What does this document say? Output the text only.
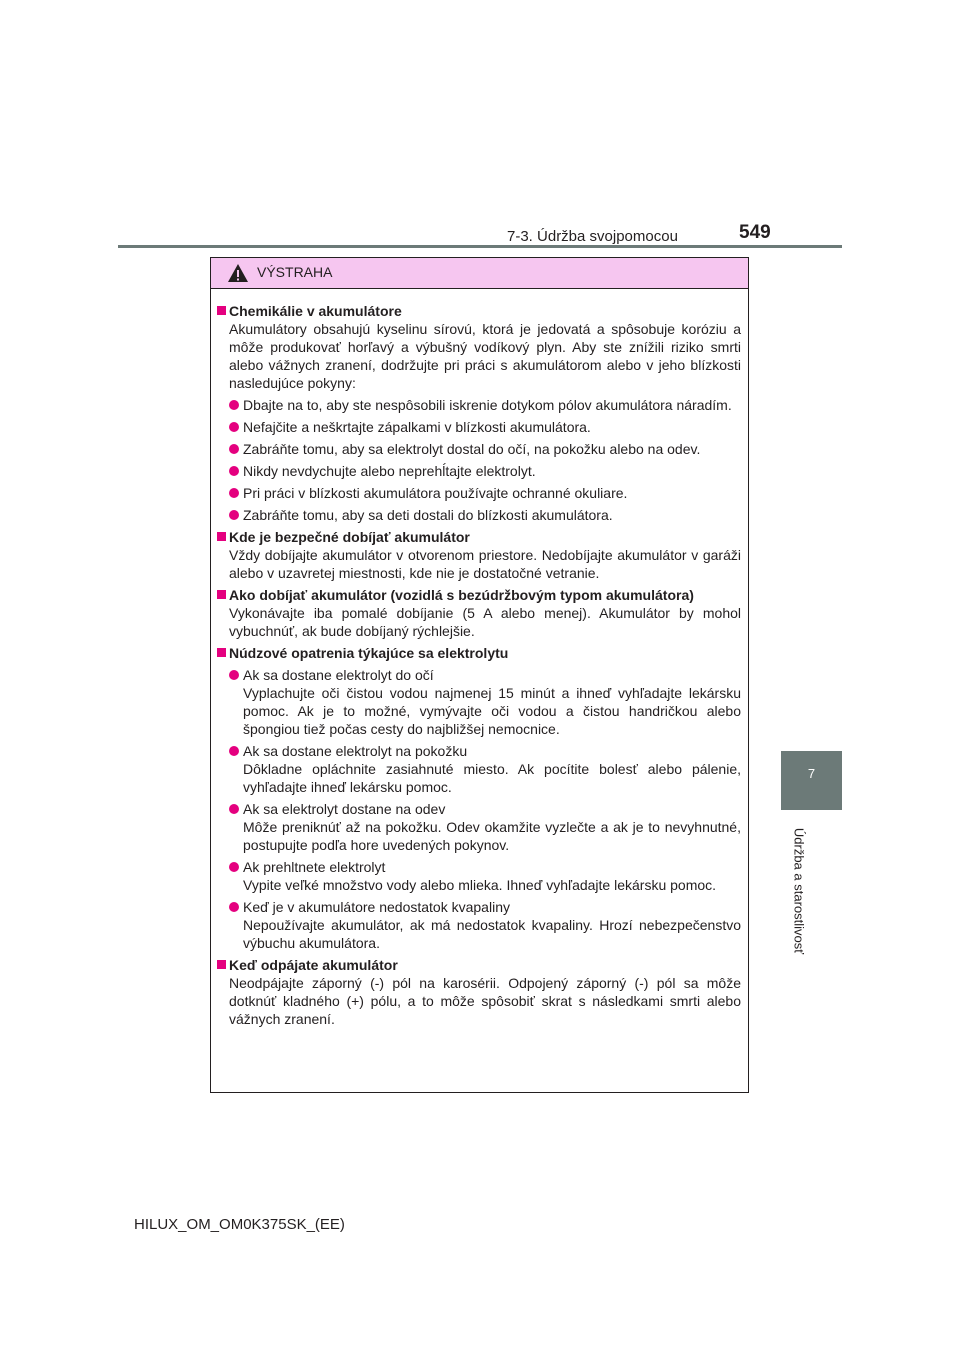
7-3. Údržba svojpomocou	549
7
Údržba a starostlivosť
VÝSTRAHA
Chemikálie v akumulátore
Akumulátory obsahujú kyselinu sírovú, ktorá je jedovatá a spôsobuje koróziu a môže produkovať horľavý a výbušný vodíkový plyn. Aby ste znížili riziko smrti alebo vážnych zranení, dodržujte pri práci s akumulátorom alebo v jeho blízkosti nasledujúce pokyny:
Dbajte na to, aby ste nespôsobili iskrenie dotykom pólov akumulátora náradím.
Nefajčite a neškrtajte zápalkami v blízkosti akumulátora.
Zabráňte tomu, aby sa elektrolyt dostal do očí, na pokožku alebo na odev.
Nikdy nevdychujte alebo neprehĺtajte elektrolyt.
Pri práci v blízkosti akumulátora používajte ochranné okuliare.
Zabráňte tomu, aby sa deti dostali do blízkosti akumulátora.
Kde je bezpečné dobíjať akumulátor
Vždy dobíjajte akumulátor v otvorenom priestore. Nedobíjajte akumulátor v garáži alebo v uzavretej miestnosti, kde nie je dostatočné vetranie.
Ako dobíjať akumulátor (vozidlá s bezúdržbovým typom akumulátora)
Vykonávajte iba pomalé dobíjanie (5 A alebo menej). Akumulátor by mohol vybuchnúť, ak bude dobíjaný rýchlejšie.
Núdzové opatrenia týkajúce sa elektrolytu
Ak sa dostane elektrolyt do očí
Vyplachujte oči čistou vodou najmenej 15 minút a ihneď vyhľadajte lekársku pomoc. Ak je to možné, vymývajte oči vodou a čistou handričkou alebo špongiou tiež počas cesty do najbližšej nemocnice.
Ak sa dostane elektrolyt na pokožku
Dôkladne opláchnite zasiahnuté miesto. Ak pocítite bolesť alebo pálenie, vyhľadajte ihneď lekársku pomoc.
Ak sa elektrolyt dostane na odev
Môže preniknúť až na pokožku. Odev okamžite vyzlečte a ak je to nevyhnutné, postupujte podľa hore uvedených pokynov.
Ak prehltnete elektrolyt
Vypite veľké množstvo vody alebo mlieka. Ihneď vyhľadajte lekársku pomoc.
Keď je v akumulátore nedostatok kvapaliny
Nepoužívajte akumulátor, ak má nedostatok kvapaliny. Hrozí nebezpečenstvo výbuchu akumulátora.
Keď odpájate akumulátor
Neodpájajte záporný (-) pól na karosérii. Odpojený záporný (-) pól sa môže dotknúť kladného (+) pólu, a to môže spôsobiť skrat s následkami smrti alebo vážnych zranení.
HILUX_OM_OM0K375SK_(EE)
